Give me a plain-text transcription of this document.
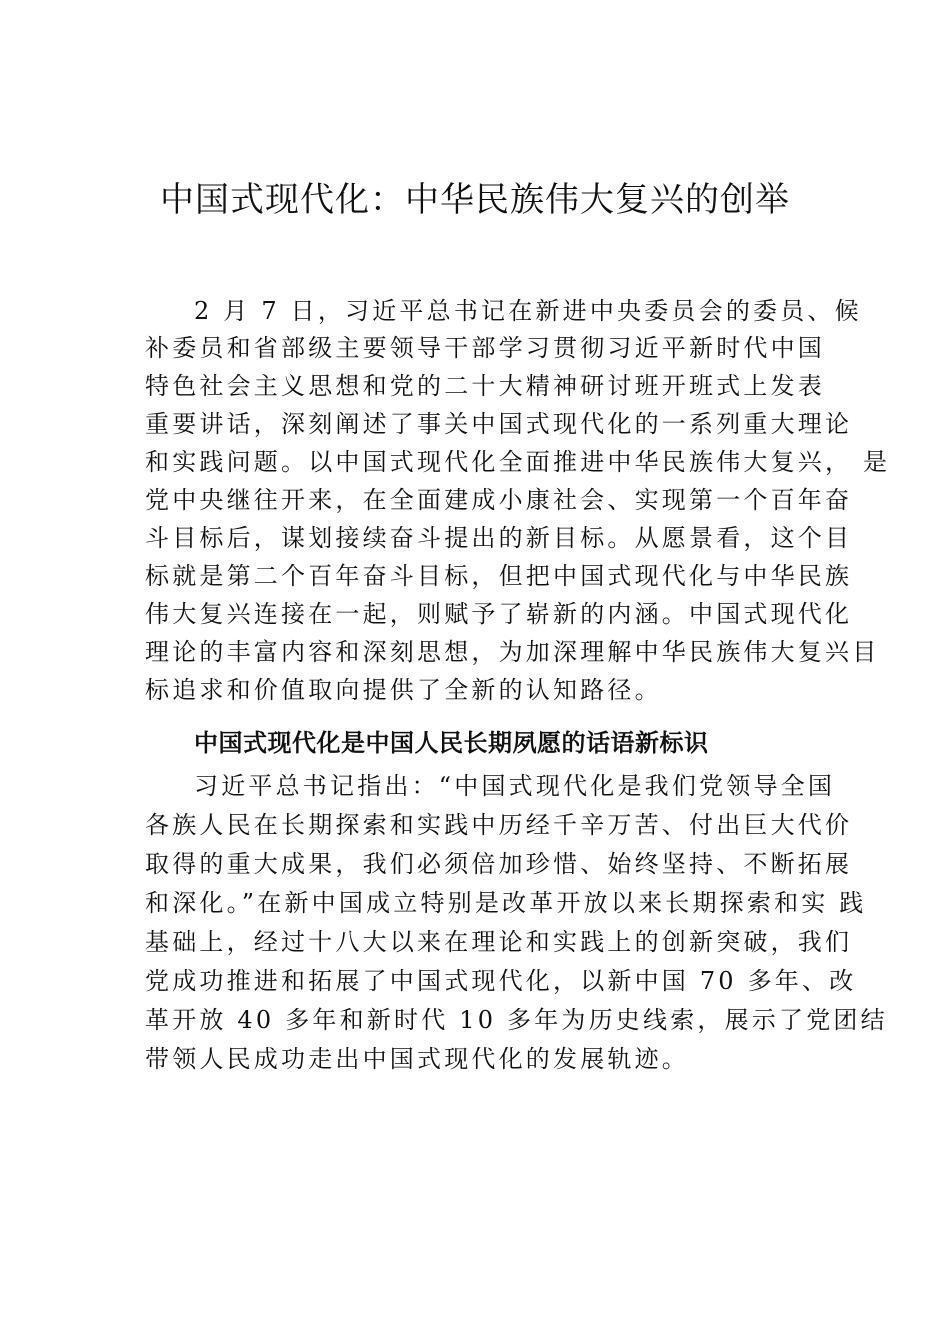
中国式现代化：中华民族伟大复兴的创举
2 月 7 日，习近平总书记在新进中央委员会的委员、候
补委员和省部级主要领导干部学习贯彻习近平新时代中国
特色社会主义思想和党的二十大精神研讨班开班式上发表
重要讲话，深刻阐述了事关中国式现代化的一系列重大理论
和实践问题。以中国式现代化全面推进中华民族伟大复兴， 是
党中央继往开来，在全面建成小康社会、实现第一个百年奋
斗目标后，谋划接续奋斗提出的新目标。从愿景看，这个目
标就是第二个百年奋斗目标，但把中国式现代化与中华民族
伟大复兴连接在一起，则赋予了崭新的内涵。中国式现代化
理论的丰富内容和深刻思想，为加深理解中华民族伟大复兴目
标追求和价值取向提供了全新的认知路径。
中国式现代化是中国人民长期夙愿的话语新标识
习近平总书记指出：“中国式现代化是我们党领导全国
各族人民在长期探索和实践中历经千辛万苦、付出巨大代价
取得的重大成果，我们必须倍加珍惜、始终坚持、不断拓展
和深化。”在新中国成立特别是改革开放以来长期探索和实 践
基础上，经过十八大以来在理论和实践上的创新突破，我们
党成功推进和拓展了中国式现代化，以新中国 70 多年、改
革开放 40 多年和新时代 10 多年为历史线索，展示了党团结
带领人民成功走出中国式现代化的发展轨迹。
